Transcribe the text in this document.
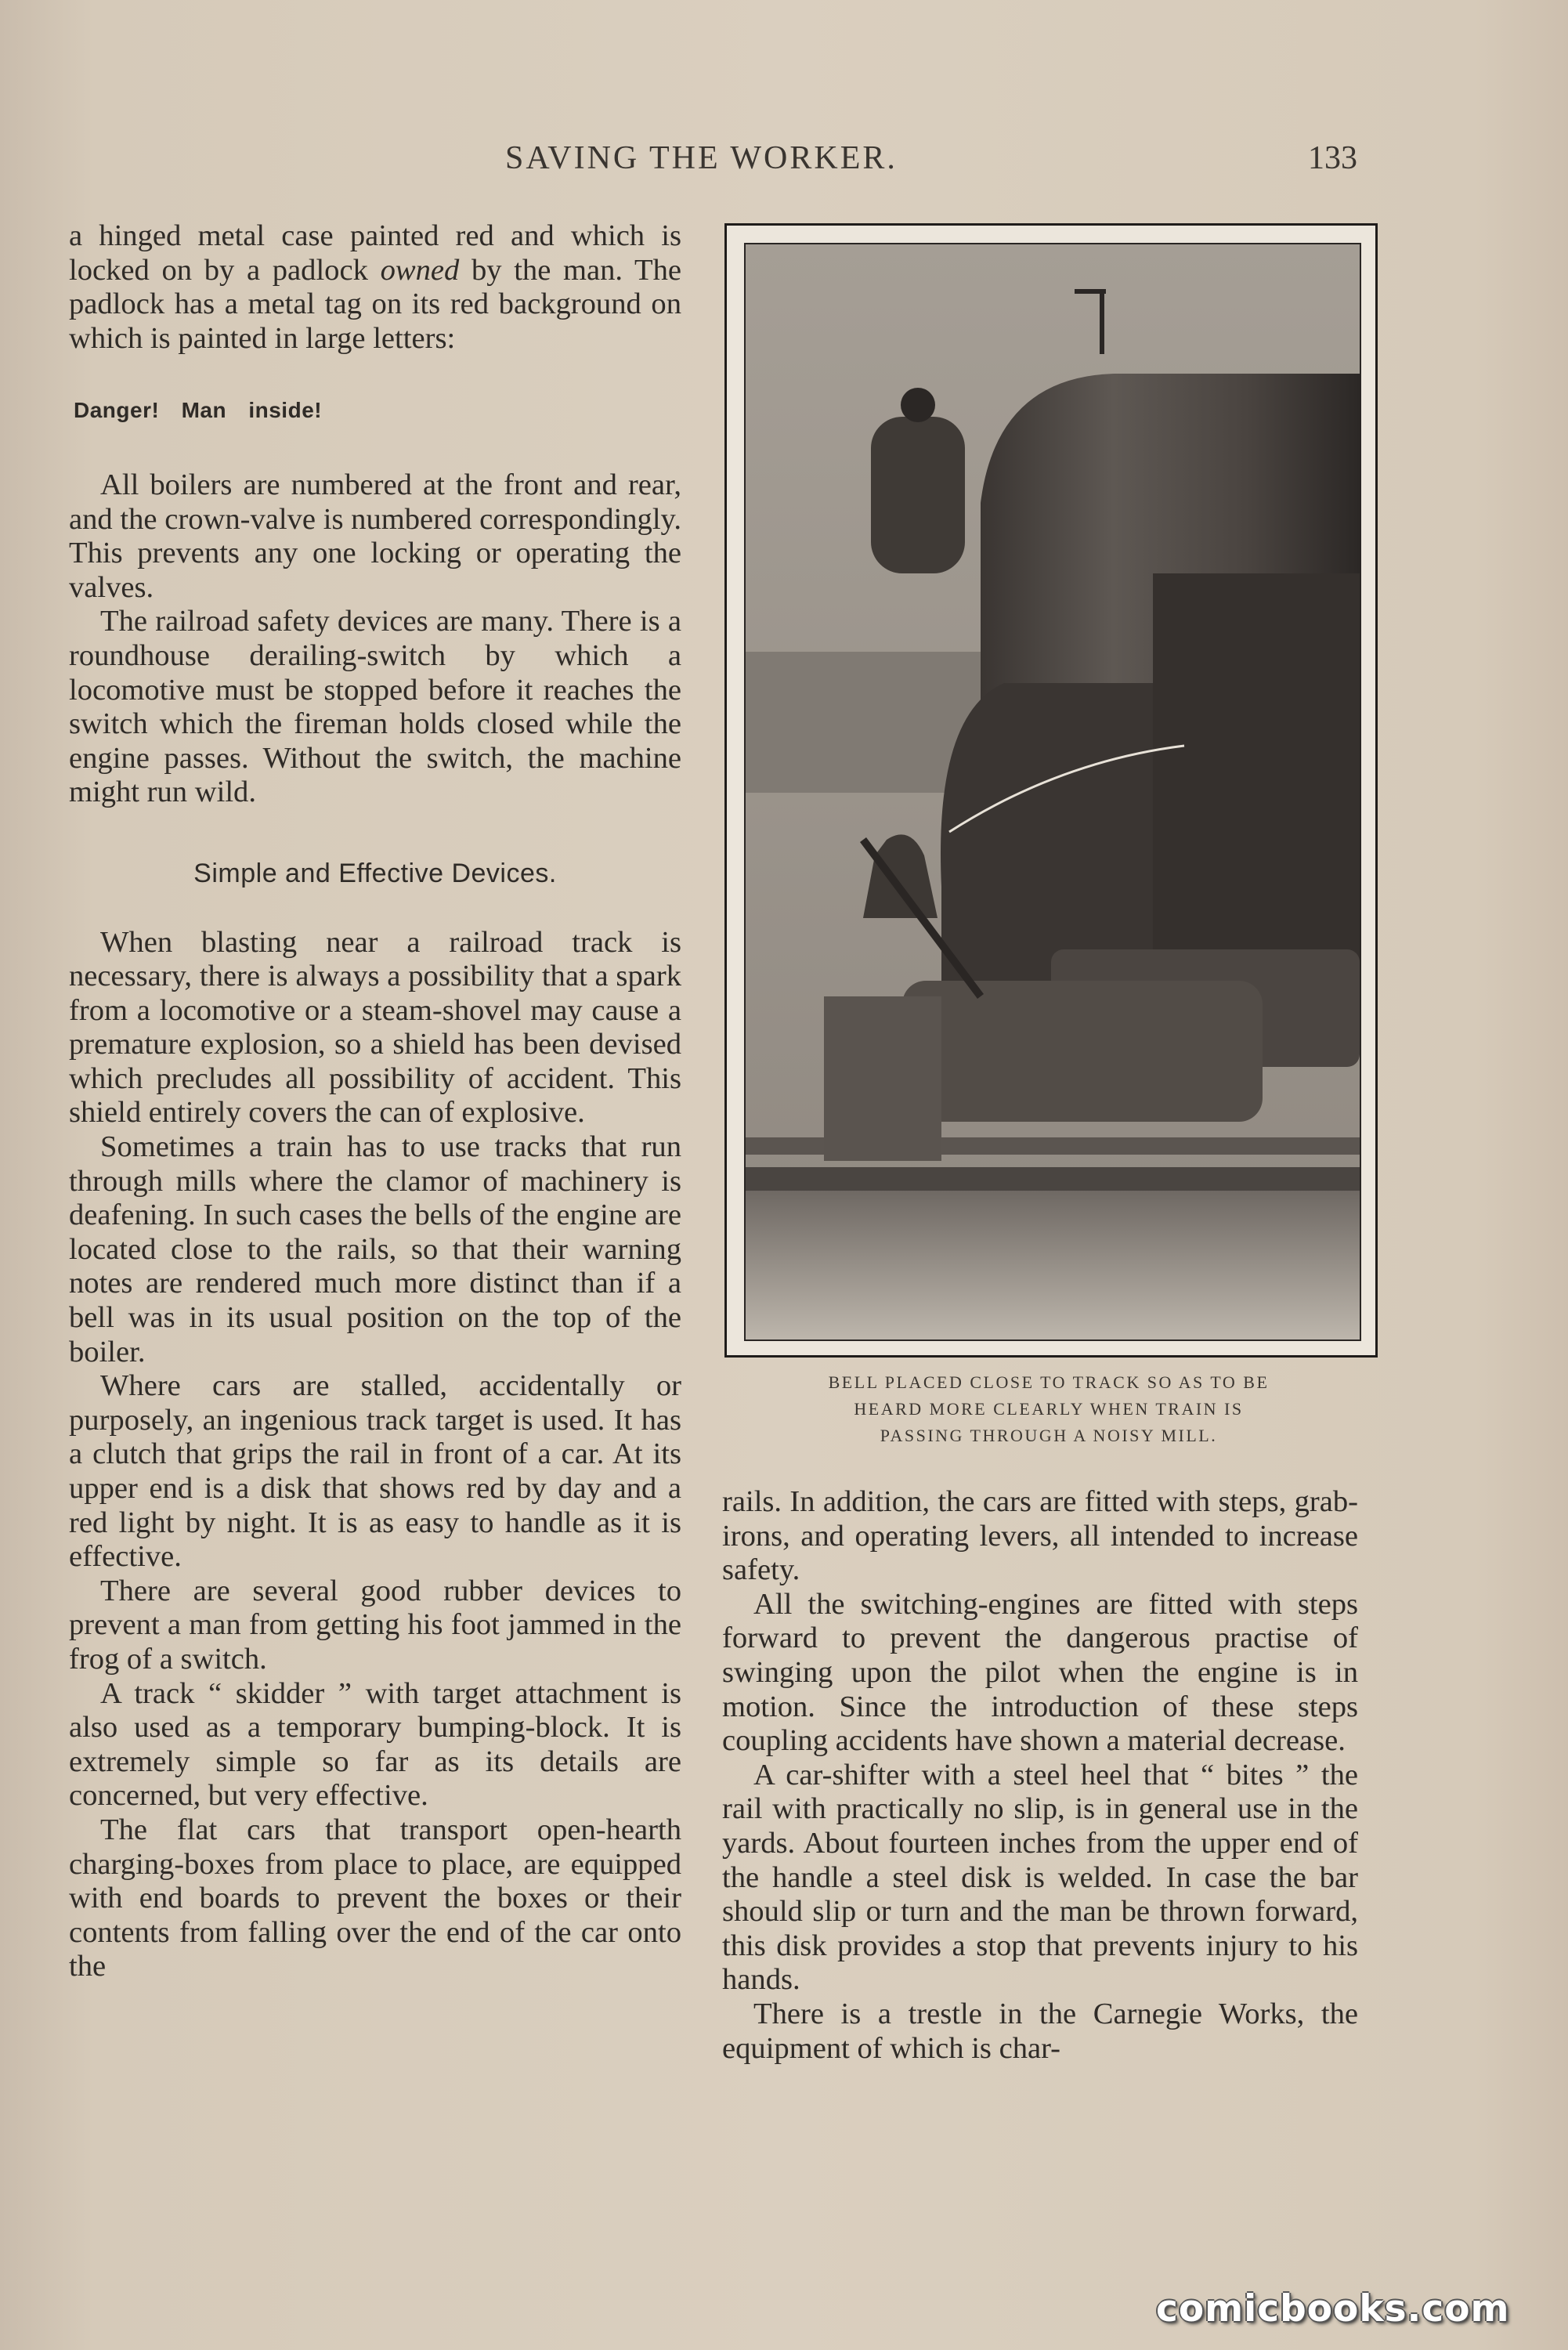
SAVING THE WORKER.	133

a hinged metal case painted red and which is locked on by a padlock owned by the man. The padlock has a metal tag on its red background on which is painted in large letters:

Danger! Man inside!

All boilers are numbered at the front and rear, and the crown-valve is numbered correspondingly. This prevents any one locking or operating the valves.

The railroad safety devices are many. There is a roundhouse derailing-switch by which a locomotive must be stopped before it reaches the switch which the fireman holds closed while the engine passes. Without the switch, the machine might run wild.

Simple and Effective Devices.

When blasting near a railroad track is necessary, there is always a possibility that a spark from a locomotive or a steam-shovel may cause a premature explosion, so a shield has been devised which precludes all possibility of accident. This shield entirely covers the can of explosive.

Sometimes a train has to use tracks that run through mills where the clamor of machinery is deafening. In such cases the bells of the engine are located close to the rails, so that their warning notes are rendered much more distinct than if a bell was in its usual position on the top of the boiler.

Where cars are stalled, accidentally or purposely, an ingenious track target is used. It has a clutch that grips the rail in front of a car. At its upper end is a disk that shows red by day and a red light by night. It is as easy to handle as it is effective.

There are several good rubber devices to prevent a man from getting his foot jammed in the frog of a switch.

A track “ skidder ” with target attachment is also used as a temporary bumping-block. It is extremely simple so far as its details are concerned, but very effective.

The flat cars that transport open-hearth charging-boxes from place to place, are equipped with end boards to prevent the boxes or their contents from falling over the end of the car onto the

BELL PLACED CLOSE TO TRACK SO AS TO BE
HEARD MORE CLEARLY WHEN TRAIN IS
PASSING THROUGH A NOISY MILL.

rails. In addition, the cars are fitted with steps, grab-irons, and operating levers, all intended to increase safety.

All the switching-engines are fitted with steps forward to prevent the dangerous practise of swinging upon the pilot when the engine is in motion. Since the introduction of these steps coupling accidents have shown a material decrease.

A car-shifter with a steel heel that “ bites ” the rail with practically no slip, is in general use in the yards. About fourteen inches from the upper end of the handle a steel disk is welded. In case the bar should slip or turn and the man be thrown forward, this disk provides a stop that prevents injury to his hands.

There is a trestle in the Carnegie Works, the equipment of which is char-

comicbooks.com
